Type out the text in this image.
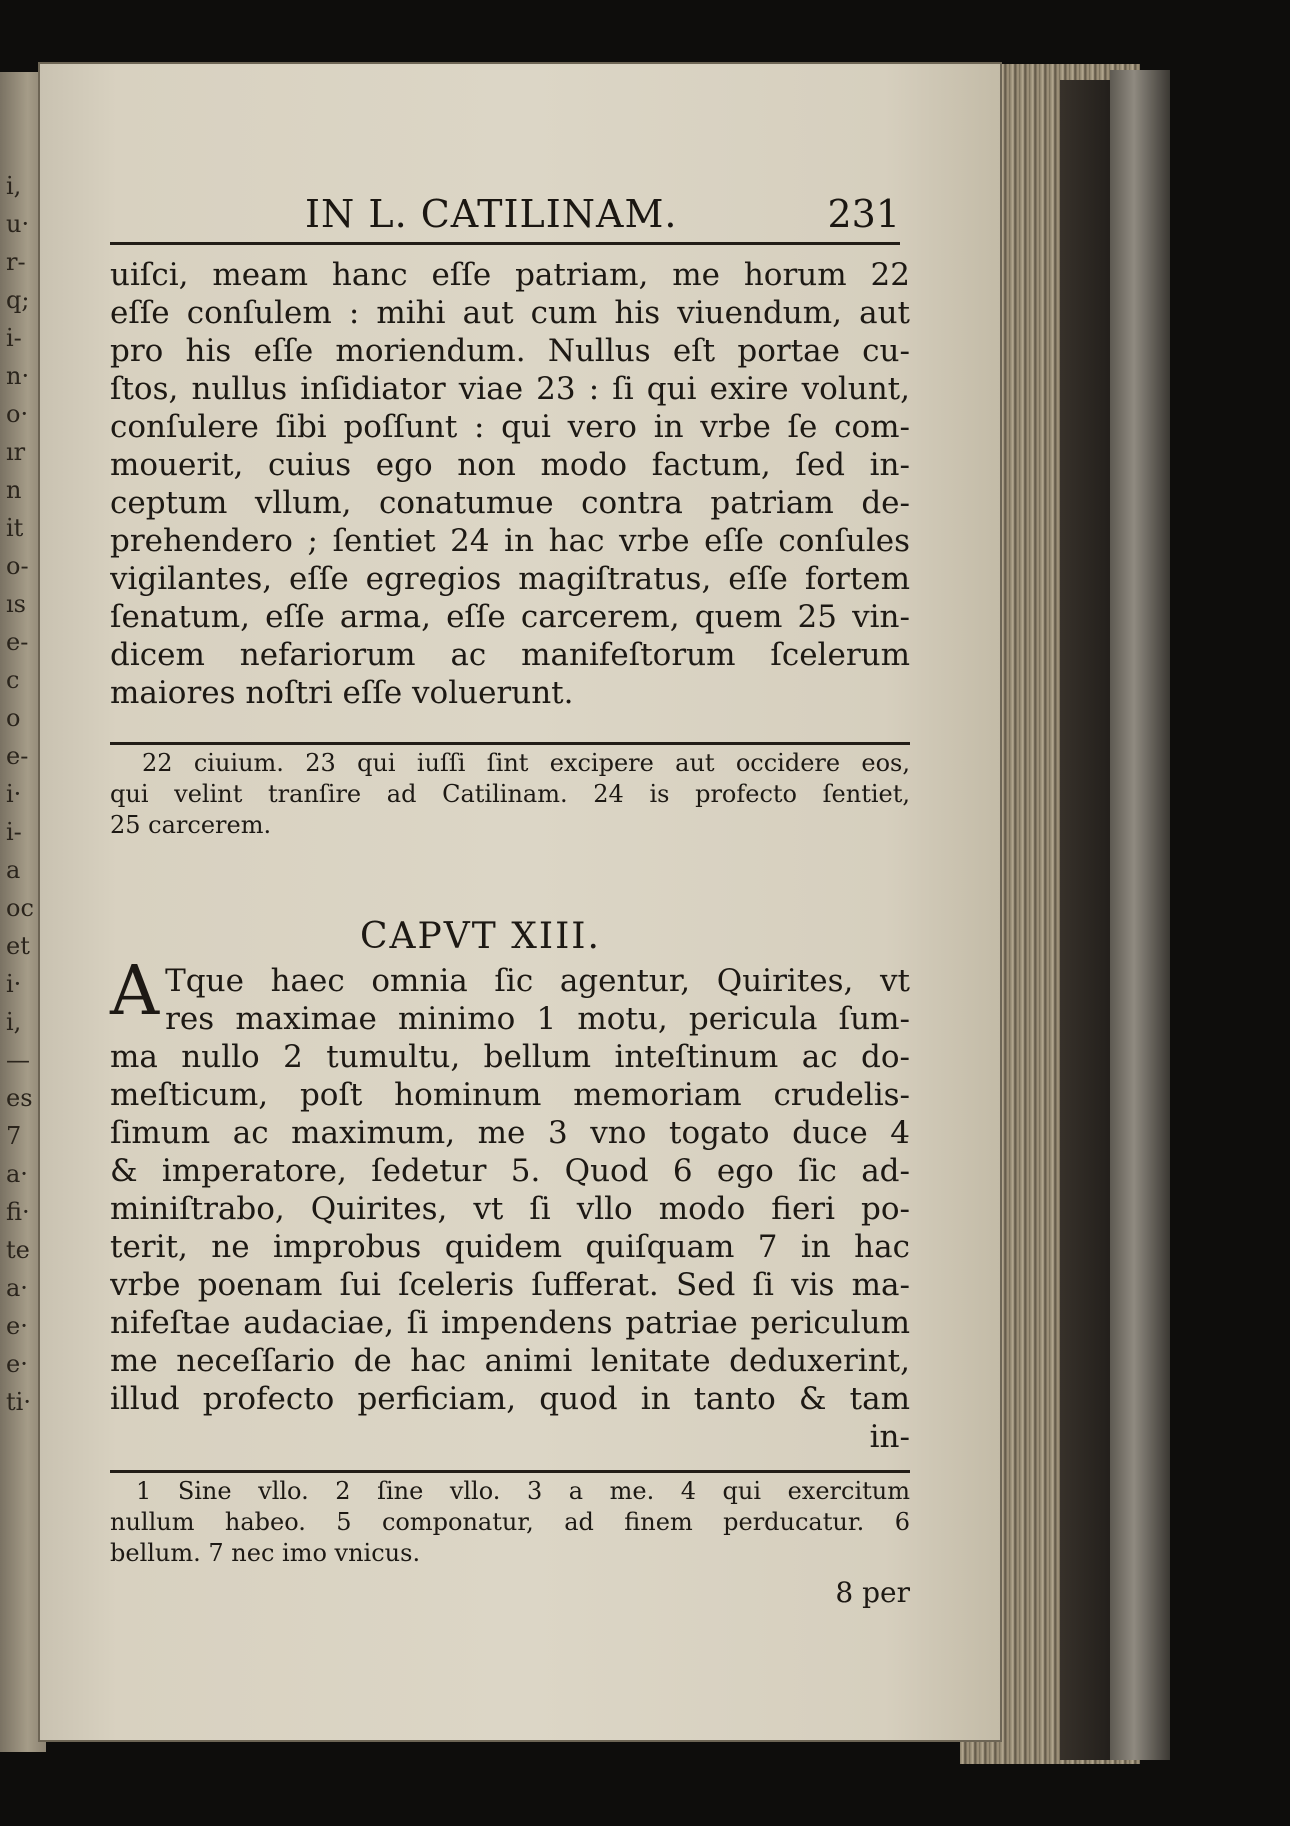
i,
u·
r-
q;
i-
n·
o·
ır
n
it
o-
ıs
e-
c
o
e-
i·
i-
a
oc
et
i·
i,
—
es
7
a·
fi·
te
a·
e·
e·
ti·
IN L. CATILINAM.	231
uiſci, meam hanc eſſe patriam, me horum 22
eſſe conſulem : mihi aut cum his viuendum, aut
pro his eſſe moriendum. Nullus eſt portae cu-
ſtos, nullus inſidiator viae 23 : ſi qui exire volunt,
conſulere ſibi poſſunt : qui vero in vrbe ſe com-
mouerit, cuius ego non modo factum, ſed in-
ceptum vllum, conatumue contra patriam de-
prehendero ; ſentiet 24 in hac vrbe eſſe conſules
vigilantes, eſſe egregios magiſtratus, eſſe fortem
ſenatum, eſſe arma, eſſe carcerem, quem 25 vin-
dicem nefariorum ac manifeſtorum ſcelerum
maiores noſtri eſſe voluerunt.
22 ciuium. 23 qui iuſſi ſint excipere aut occidere eos,
qui velint tranſire ad Catilinam. 24 is profecto ſentiet,
25 carcerem.
CAPVT XIII.
A Tque haec omnia ſic agentur, Quirites, vt
res maximae minimo 1 motu, pericula ſum-
ma nullo 2 tumultu, bellum inteſtinum ac do-
meſticum, poſt hominum memoriam crudelis-
ſimum ac maximum, me 3 vno togato duce 4
& imperatore, ſedetur 5. Quod 6 ego ſic ad-
miniſtrabo, Quirites, vt ſi vllo modo fieri po-
terit, ne improbus quidem quiſquam 7 in hac
vrbe poenam ſui ſceleris ſufferat. Sed ſi vis ma-
nifeſtae audaciae, ſi impendens patriae periculum
me neceſſario de hac animi lenitate deduxerint,
illud profecto perficiam, quod in tanto & tam
in-
1 Sine vllo. 2 ſine vllo. 3 a me. 4 qui exercitum
nullum habeo. 5 componatur, ad finem perducatur. 6
bellum. 7 nec imo vnicus.
8 per
